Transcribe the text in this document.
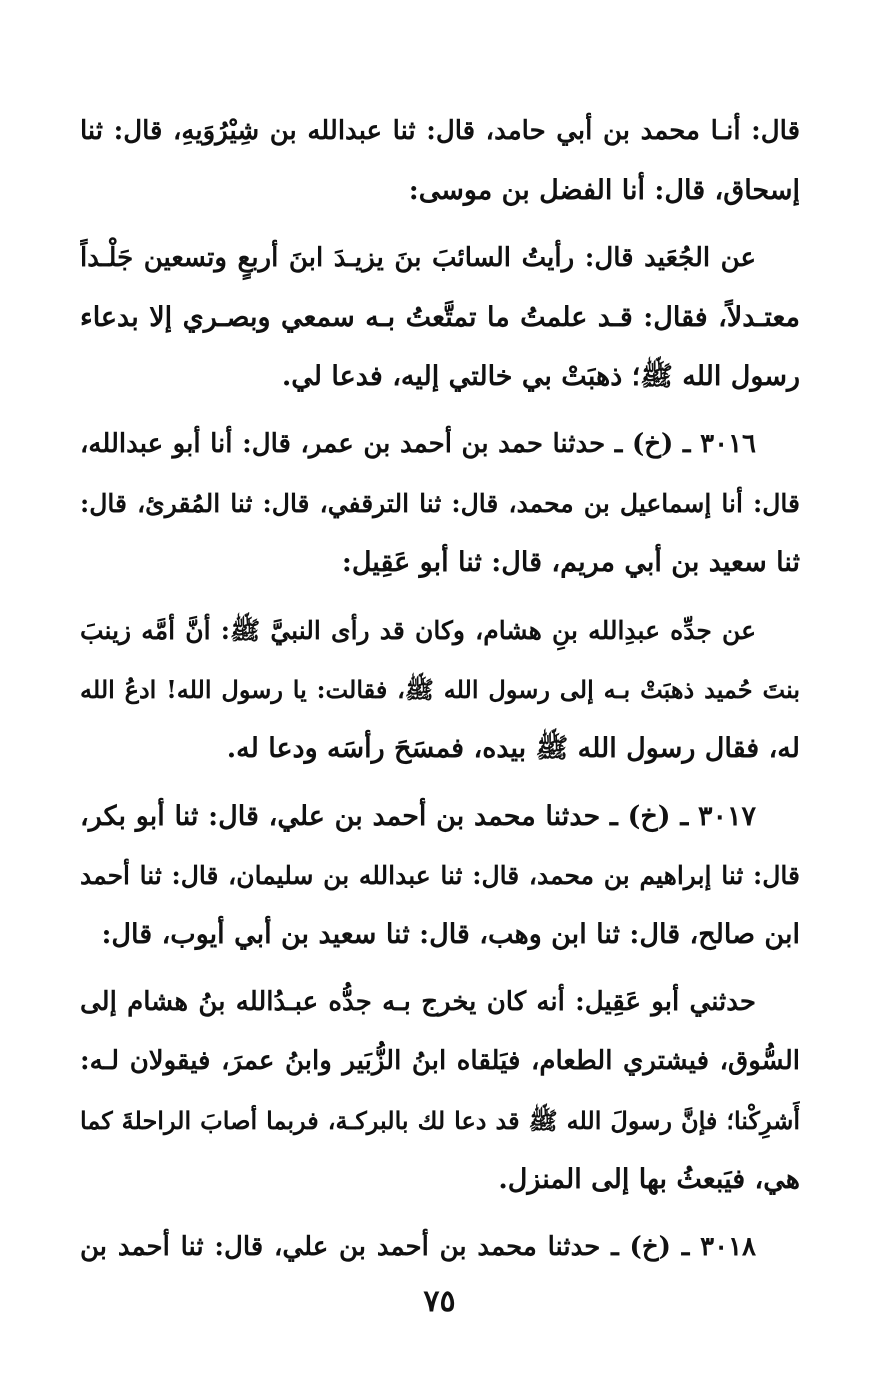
قال: أنـا محمد بن أبي حامد، قال: ثنا عبدالله بن شِيْرُوَيهِ، قال: ثنا
إسحاق، قال: أنا الفضل بن موسى:
عن الجُعَيد قال: رأيتُ السائبَ بنَ يزيـدَ ابنَ أربعٍ وتسعين جَلْـداً
معتـدلاً، فقال: قـد علمتُ ما تمتَّعتُ بـه سمعي وبصـري إلا بدعاء
رسول الله ﷺ؛ ذهبَتْ بي خالتي إليه، فدعا لي.
٣٠١٦ ـ (خ) ـ حدثنا حمد بن أحمد بن عمر، قال: أنا أبو عبدالله،
قال: أنا إسماعيل بن محمد، قال: ثنا الترقفي، قال: ثنا المُقرئ، قال:
ثنا سعيد بن أبي مريم، قال: ثنا أبو عَقِيل:
عن جدِّه عبدِالله بنِ هشام، وكان قد رأى النبيَّ ﷺ: أنَّ أمَّه زينبَ
بنتَ حُميد ذهبَتْ بـه إلى رسول الله ﷺ، فقالت: يا رسول الله! ادعُ الله
له، فقال رسول الله ﷺ بيده، فمسَحَ رأسَه ودعا له.
٣٠١٧ ـ (خ) ـ حدثنا محمد بن أحمد بن علي، قال: ثنا أبو بكر،
قال: ثنا إبراهيم بن محمد، قال: ثنا عبدالله بن سليمان، قال: ثنا أحمد
ابن صالح، قال: ثنا ابن وهب، قال: ثنا سعيد بن أبي أيوب، قال:
حدثني أبو عَقِيل: أنه كان يخرج بـه جدُّه عبـدُالله بنُ هشام إلى
السُّوق، فيشتري الطعام، فيَلقاه ابنُ الزُّبَير وابنُ عمرَ، فيقولان لـه:
أَشرِكْنا؛ فإنَّ رسولَ الله ﷺ قد دعا لك بالبركـة، فربما أصابَ الراحلةَ كما
هي، فيَبعثُ بها إلى المنزل.
٣٠١٨ ـ (خ) ـ حدثنا محمد بن أحمد بن علي، قال: ثنا أحمد بن
٧٥
